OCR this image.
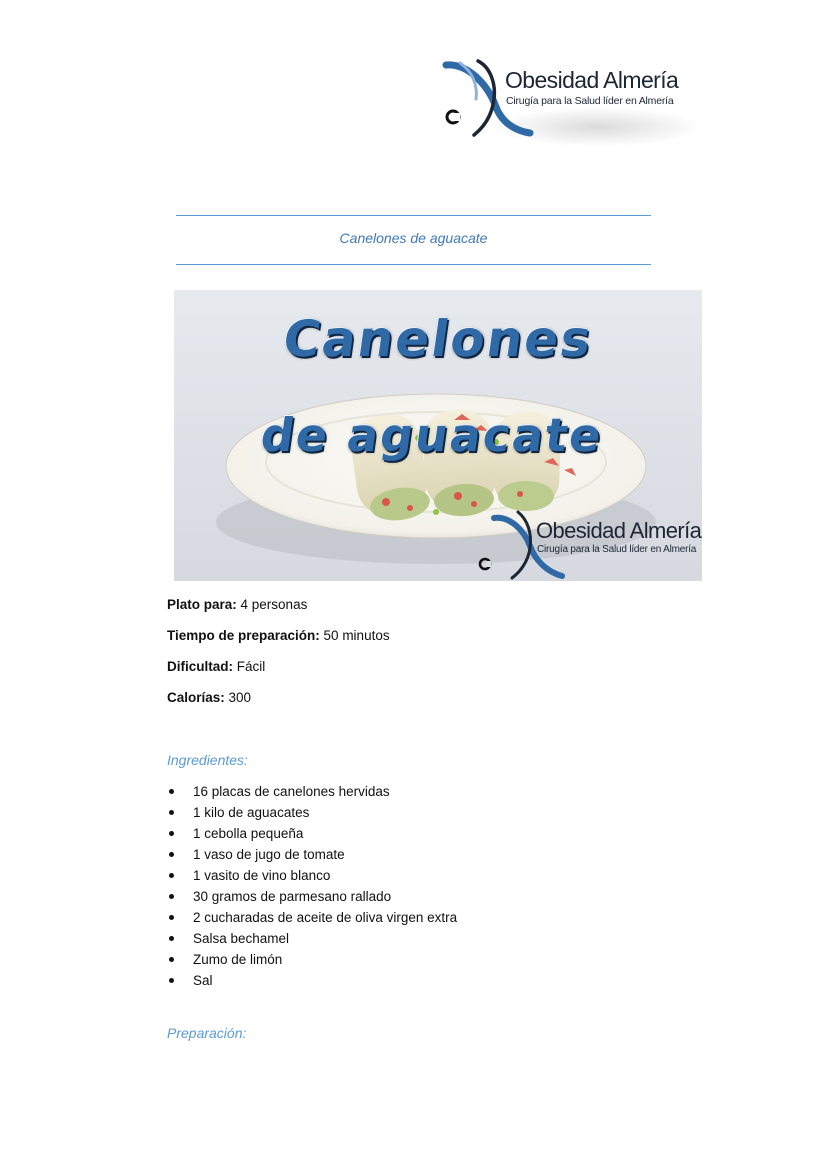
Obesidad Almería
Cirugía para la Salud líder en Almería
Canelones de aguacate
Canelones
de aguacate
Obesidad Almería
Cirugía para la Salud líder en Almería
Plato para: 4 personas
Tiempo de preparación: 50 minutos
Dificultad: Fácil
Calorías: 300
Ingredientes:
16 placas de canelones hervidas
1 kilo de aguacates
1 cebolla pequeña
1 vaso de jugo de tomate
1 vasito de vino blanco
30 gramos de parmesano rallado
2 cucharadas de aceite de oliva virgen extra
Salsa bechamel
Zumo de limón
Sal
Preparación:
